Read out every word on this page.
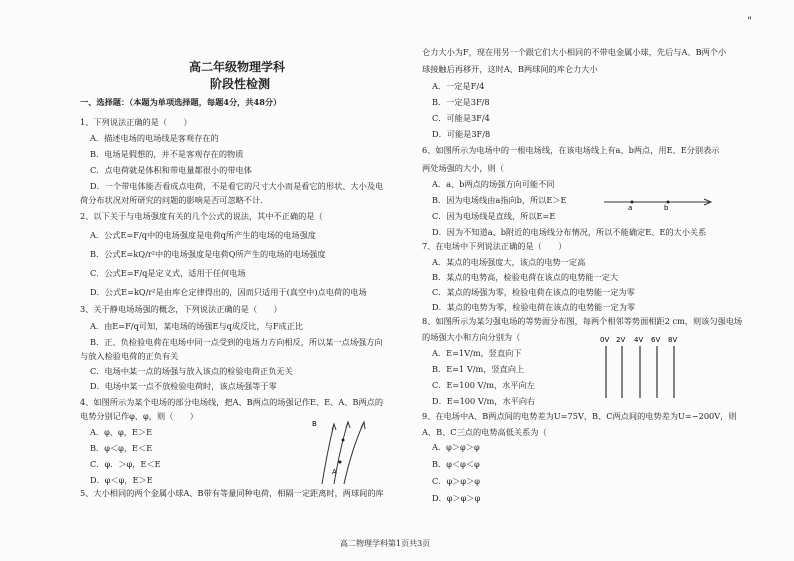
"
高二年级物理学科
阶段性检测
一、选择题：（本题为单项选择题，每题4分，共48分）
1、下列说法正确的是（　　）
A．描述电场的电场线是客观存在的
B．电场是假想的，并不是客观存在的物质
C．点电荷就是体积和带电量都很小的带电体
D．一个带电体能否看成点电荷，不是看它的尺寸大小而是看它的形状、大小及电
荷分布状况对所研究的问题的影响是否可忽略不计．
2、以下关于与电场强度有关的几个公式的说法，其中不正确的是（
A．公式E=F/q中的电场强度是电荷q所产生的电场的电场强度
B．公式E=kQ/r²中的电场强度是电荷Q所产生的电场的电场强度
C．公式E=F/q是定义式，适用于任何电场
D．公式E=kQ/r²是由库仑定律得出的，因而只适用于(真空中)点电荷的电场
3、关于静电场场强的概念，下列说法正确的是（　　）
A．由E=F/q可知，某电场的场强E与q成反比，与F成正比
B．正、负检验电荷在电场中同一点受到的电场力方向相反，所以某一点场强方向
与放入检验电荷的正负有关
C．电场中某一点的场强与放入该点的检验电荷正负无关
D．电场中某一点不放检验电荷时，该点场强等于零
4、如图所示为某个电场的部分电场线，把A、B两点的场强记作E、E、A、B两点的
电势分别记作φ、φ，则（　　）
A．φ、φ，E＞E
B．φ＜φ，E＜E
C．φ．＞φ，E＜E
D．φ＜φ，E＞E
5、大小相同的两个金属小球A、B带有等量同种电荷，相隔一定距离时，两球间的库
B
A
仑力大小为F，现在用另一个跟它们大小相同的不带电金属小球，先后与A、B两个小
球接触后再移开，这时A、B两球间的库仑力大小
A．一定是F/4
B．一定是3F/8
C．可能是3F/4
D．可能是3F/8
6、如图所示为电场中的一根电场线，在该电场线上有a、b两点，用E、E分别表示
两处场强的大小，则（
A．a、b两点的场强方向可能不同
B．因为电场线由a指向b，所以E＞E
C．因为电场线是直线，所以E=E
D．因为不知道a、b附近的电场线分布情况，所以不能确定E、E的大小关系
a	b
7、在电场中下列说法正确的是（　　）
A．某点的电场强度大，该点的电势一定高
B．某点的电势高，检验电荷在该点的电势能一定大
C．某点的场强为零，检验电荷在该点的电势能一定为零
D．某点的电势为零，检验电荷在该点的电势能一定为零
8、如图所示为某匀强电场的等势面分布图，每两个相邻等势面相距2 cm，则该匀强电场
的场强大小和方向分别为（
A．E=1V/m，竖直向下
B．E=1 V/m，竖直向上
C．E=100 V/m，水平向左
D．E=100 V/m，水平向右
0V 2V 4V 6V 8V
9、在电场中A、B两点间的电势差为U=75V，B、C两点间的电势差为U=−200V，则
A、B、C三点的电势高低关系为（
A．φ＞φ＞φ
B．φ＜φ＜φ
C．φ＞φ＞φ
D．φ＞φ＞φ
高二物理学科第1页共3页
